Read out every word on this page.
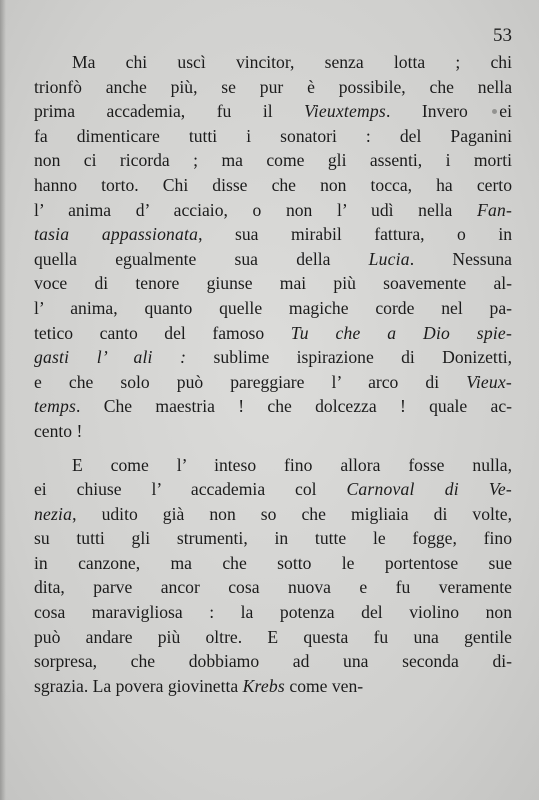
53
Ma chi uscì vincitor, senza lotta ; chi
trionfò anche più, se pur è possibile, che nella
prima accademia, fu il Vieuxtemps. Invero ei
fa dimenticare tutti i sonatori : del Paganini
non ci ricorda ; ma come gli assenti, i morti
hanno torto. Chi disse che non tocca, ha certo
l’ anima d’ acciaio, o non l’ udì nella Fan-
tasia appassionata, sua mirabil fattura, o in
quella egualmente sua della Lucia. Nessuna
voce di tenore giunse mai più soavemente al-
l’ anima, quanto quelle magiche corde nel pa-
tetico canto del famoso Tu che a Dio spie-
gasti l’ ali : sublime ispirazione di Donizetti,
e che solo può pareggiare l’ arco di Vieux-
temps. Che maestria ! che dolcezza ! quale ac-
cento !
E come l’ inteso fino allora fosse nulla,
ei chiuse l’ accademia col Carnoval di Ve-
nezia, udito già non so che migliaia di volte,
su tutti gli strumenti, in tutte le fogge, fino
in canzone, ma che sotto le portentose sue
dita, parve ancor cosa nuova e fu veramente
cosa maravigliosa : la potenza del violino non
può andare più oltre. E questa fu una gentile
sorpresa, che dobbiamo ad una seconda di-
sgrazia. La povera giovinetta Krebs come ven-
